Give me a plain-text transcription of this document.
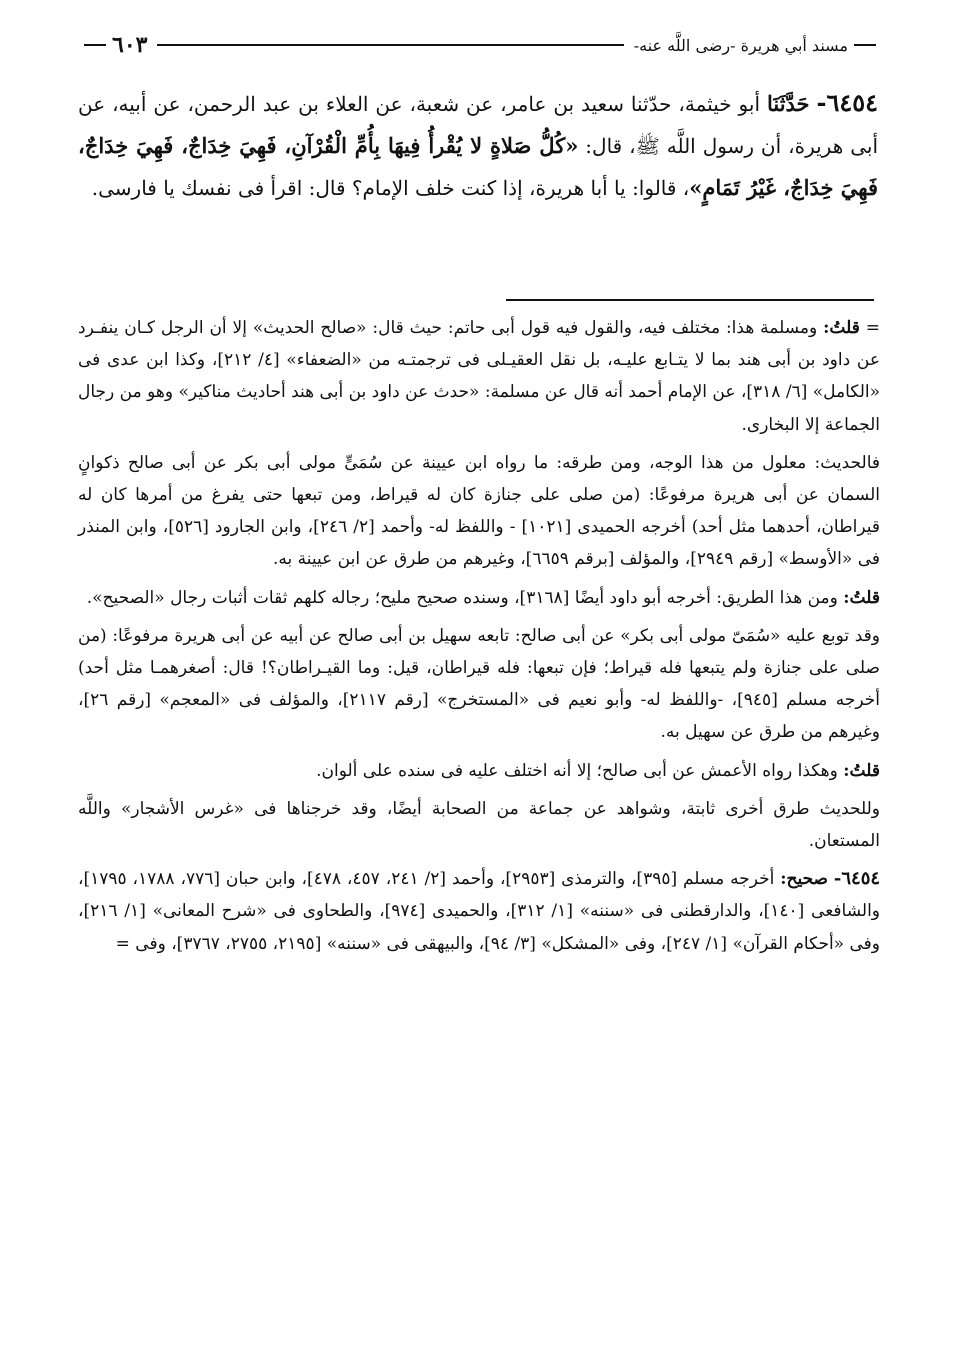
مسند أبي هريرة -رضى اللَّه عنه-
٦٠٣
٦٤٥٤- حَدَّثَنَا أبو خيثمة، حدّثنا سعيد بن عامر، عن شعبة، عن العلاء بن عبد الرحمن، عن أبيه، عن أبى هريرة، أن رسول اللَّه ﷺ، قال: «كُلُّ صَلاةٍ لا يُقْرأُ فِيهَا بِأُمِّ الْقُرْآنِ، فَهِيَ خِدَاجٌ، فَهِيَ خِدَاجٌ، فَهِيَ خِدَاجٌ، غَيْرُ تَمَامٍ»، قالوا: يا أبا هريرة، إذا كنت خلف الإمام؟ قال: اقرأ فى نفسك يا فارسى.

= قلتُ: ومسلمة هذا: مختلف فيه، والقول فيه قول أبى حاتم: حيث قال: «صالح الحديث» إلا أن الرجل كـان ينفـرد عن داود بن أبى هند بما لا يتـابع عليـه، بل نقل العقيـلى فى ترجمتـه من «الضعفاء» [٤/ ٢١٢]، وكذا ابن عدى فى «الكامل» [٦/ ٣١٨]، عن الإمام أحمد أنه قال عن مسلمة: «حدث عن داود بن أبى هند أحاديث مناكير» وهو من رجال الجماعة إلا البخارى.

فالحديث: معلول من هذا الوجه، ومن طرقه: ما رواه ابن عيينة عن سُمَىٍّ مولى أبى بكر عن أبى صالح ذكوانٍ السمان عن أبى هريرة مرفوعًا: (من صلى على جنازة كان له قيراط، ومن تبعها حتى يفرغ من أمرها كان له قيراطان، أحدهما مثل أحد) أخرجه الحميدى [١٠٢١] - واللفظ له- وأحمد [٢/ ٢٤٦]، وابن الجارود [٥٢٦]، وابن المنذر فى «الأوسط» [رقم ٢٩٤٩]، والمؤلف [برقم ٦٦٥٩]، وغيرهم من طرق عن ابن عيينة به.

قلتُ: ومن هذا الطريق: أخرجه أبو داود أيضًا [٣١٦٨]، وسنده صحيح مليح؛ رجاله كلهم ثقات أثبات رجال «الصحيح».

وقد توبع عليه «سُمَىّ مولى أبى بكر» عن أبى صالح: تابعه سهيل بن أبى صالح عن أبيه عن أبى هريرة مرفوعًا: (من صلى على جنازة ولم يتبعها فله قيراط؛ فإن تبعها: فله قيراطان، قيل: وما القيـراطان؟! قال: أصغرهمـا مثل أحد) أخرجه مسلم [٩٤٥]، -واللفظ له- وأبو نعيم فى «المستخرج» [رقم ٢١١٧]، والمؤلف فى «المعجم» [رقم ٢٦]، وغيرهم من طرق عن سهيل به.

قلتُ: وهكذا رواه الأعمش عن أبى صالح؛ إلا أنه اختلف عليه فى سنده على ألوان.

وللحديث طرق أخرى ثابتة، وشواهد عن جماعة من الصحابة أيضًا، وقد خرجناها فى «غرس الأشجار» واللَّه المستعان.

٦٤٥٤- صحيح: أخرجه مسلم [٣٩٥]، والترمذى [٢٩٥٣]، وأحمد [٢/ ٢٤١، ٤٥٧، ٤٧٨]، وابن حبان [٧٧٦، ١٧٨٨، ١٧٩٥]، والشافعى [١٤٠]، والدارقطنى فى «سننه» [١/ ٣١٢]، والحميدى [٩٧٤]، والطحاوى فى «شرح المعانى» [١/ ٢١٦]، وفى «أحكام القرآن» [١/ ٢٤٧]، وفى «المشكل» [٣/ ٩٤]، والبيهقى فى «سننه» [٢١٩٥، ٢٧٥٥، ٣٧٦٧]، وفى =
